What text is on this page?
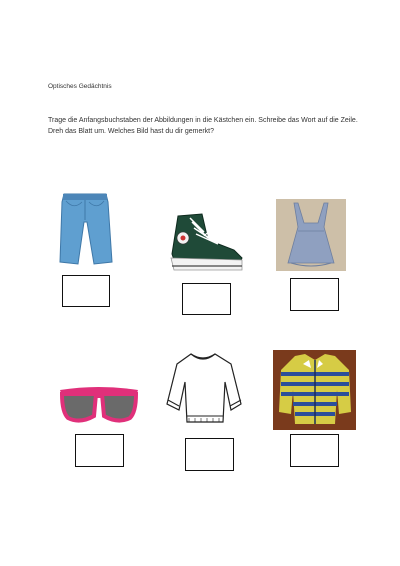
Optisches Gedächtnis
Trage die Anfangsbuchstaben der Abbildungen in die Kästchen ein. Schreibe das Wort auf die Zeile. Dreh das Blatt um. Welches Bild hast du dir gemerkt?
